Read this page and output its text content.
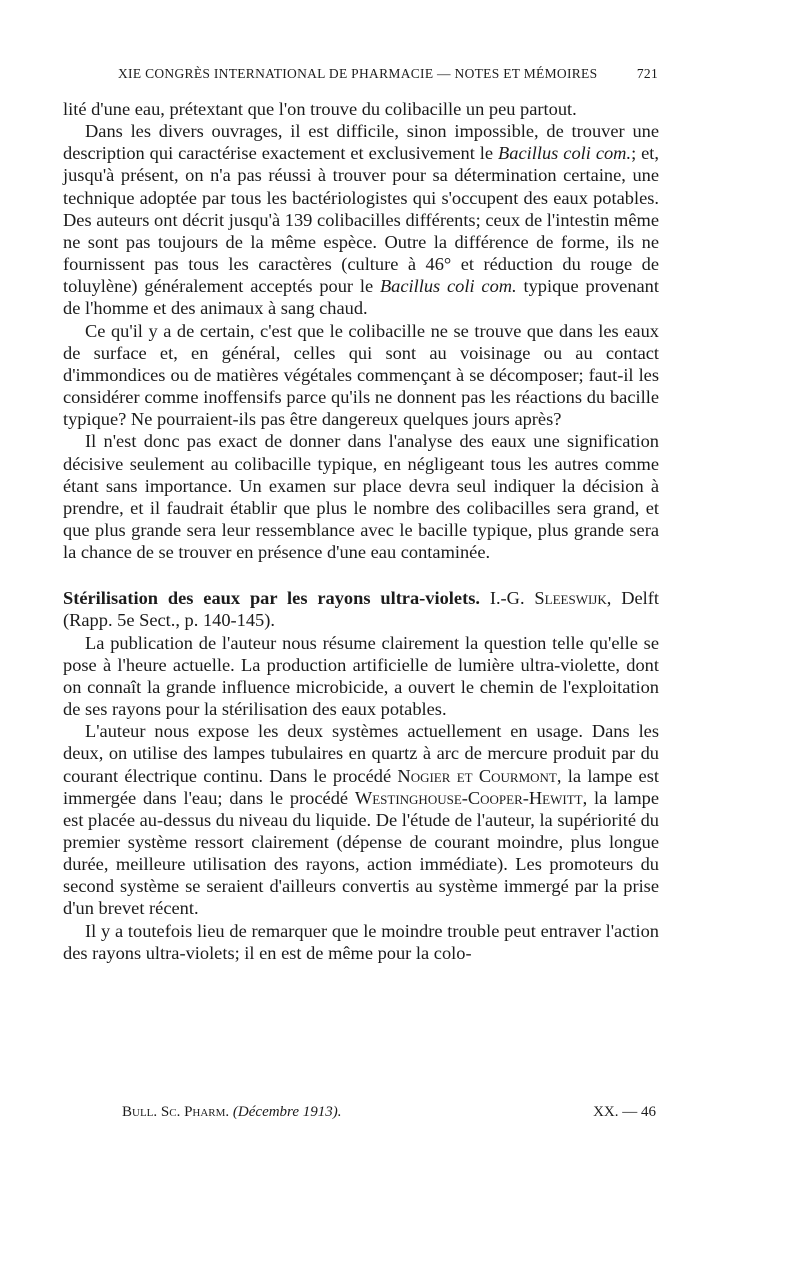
XIE CONGRÈS INTERNATIONAL DE PHARMACIE — NOTES ET MÉMOIRES	721

lité d'une eau, prétextant que l'on trouve du colibacille un peu partout.

Dans les divers ouvrages, il est difficile, sinon impossible, de trouver une description qui caractérise exactement et exclusivement le Bacillus coli com.; et, jusqu'à présent, on n'a pas réussi à trouver pour sa détermination certaine, une technique adoptée par tous les bactériologistes qui s'occupent des eaux potables. Des auteurs ont décrit jusqu'à 139 colibacilles différents; ceux de l'intestin même ne sont pas toujours de la même espèce. Outre la différence de forme, ils ne fournissent pas tous les caractères (culture à 46° et réduction du rouge de toluylène) généralement acceptés pour le Bacillus coli com. typique provenant de l'homme et des animaux à sang chaud.

Ce qu'il y a de certain, c'est que le colibacille ne se trouve que dans les eaux de surface et, en général, celles qui sont au voisinage ou au contact d'immondices ou de matières végétales commençant à se décomposer; faut-il les considérer comme inoffensifs parce qu'ils ne donnent pas les réactions du bacille typique? Ne pourraient-ils pas être dangereux quelques jours après?

Il n'est donc pas exact de donner dans l'analyse des eaux une signification décisive seulement au colibacille typique, en négligeant tous les autres comme étant sans importance. Un examen sur place devra seul indiquer la décision à prendre, et il faudrait établir que plus le nombre des colibacilles sera grand, et que plus grande sera leur ressemblance avec le bacille typique, plus grande sera la chance de se trouver en présence d'une eau contaminée.

Stérilisation des eaux par les rayons ultra-violets. I.-G. Sleeswijk, Delft (Rapp. 5e Sect., p. 140-145).

La publication de l'auteur nous résume clairement la question telle qu'elle se pose à l'heure actuelle. La production artificielle de lumière ultra-violette, dont on connaît la grande influence microbicide, a ouvert le chemin de l'exploitation de ses rayons pour la stérilisation des eaux potables.

L'auteur nous expose les deux systèmes actuellement en usage. Dans les deux, on utilise des lampes tubulaires en quartz à arc de mercure produit par du courant électrique continu. Dans le procédé Nogier et Courmont, la lampe est immergée dans l'eau; dans le procédé Westinghouse-Cooper-Hewitt, la lampe est placée au-dessus du niveau du liquide. De l'étude de l'auteur, la supériorité du premier système ressort clairement (dépense de courant moindre, plus longue durée, meilleure utilisation des rayons, action immédiate). Les promoteurs du second système se seraient d'ailleurs convertis au système immergé par la prise d'un brevet récent.

Il y a toutefois lieu de remarquer que le moindre trouble peut entraver l'action des rayons ultra-violets; il en est de même pour la colo-

Bull. Sc. Pharm. (Décembre 1913).	XX. — 46
